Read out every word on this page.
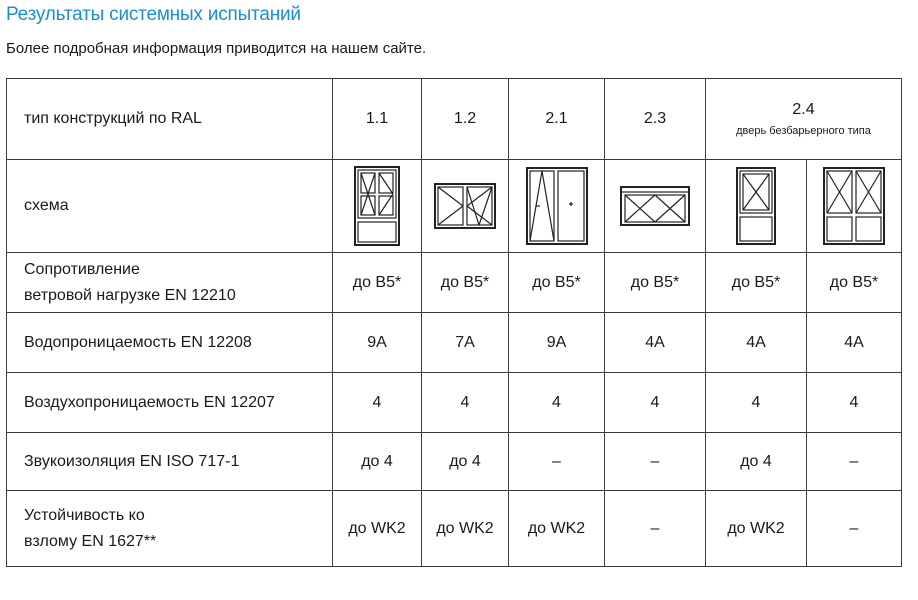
Результаты системных испытаний
Более подробная информация приводится на нашем сайте.
тип конструкций по RAL	1.1	1.2	2.1	2.3	2.4
дверь безбарьерного типа	

схема	

Сопротивление
ветровой нагрузке EN 12210	до B5*	до B5*	до B5*	до B5*	до B5*	до B5*
Водопроницаемость EN 12208	9A	7A	9A	4A	4A	4A
Воздухопроницаемость EN 12207	4	4	4	4	4	4
Звукоизоляция EN ISO 717-1	до 4	до 4	–	–	до 4	–
Устойчивость ко
взлому EN 1627**	до WK2	до WK2	до WK2	–	до WK2	–
